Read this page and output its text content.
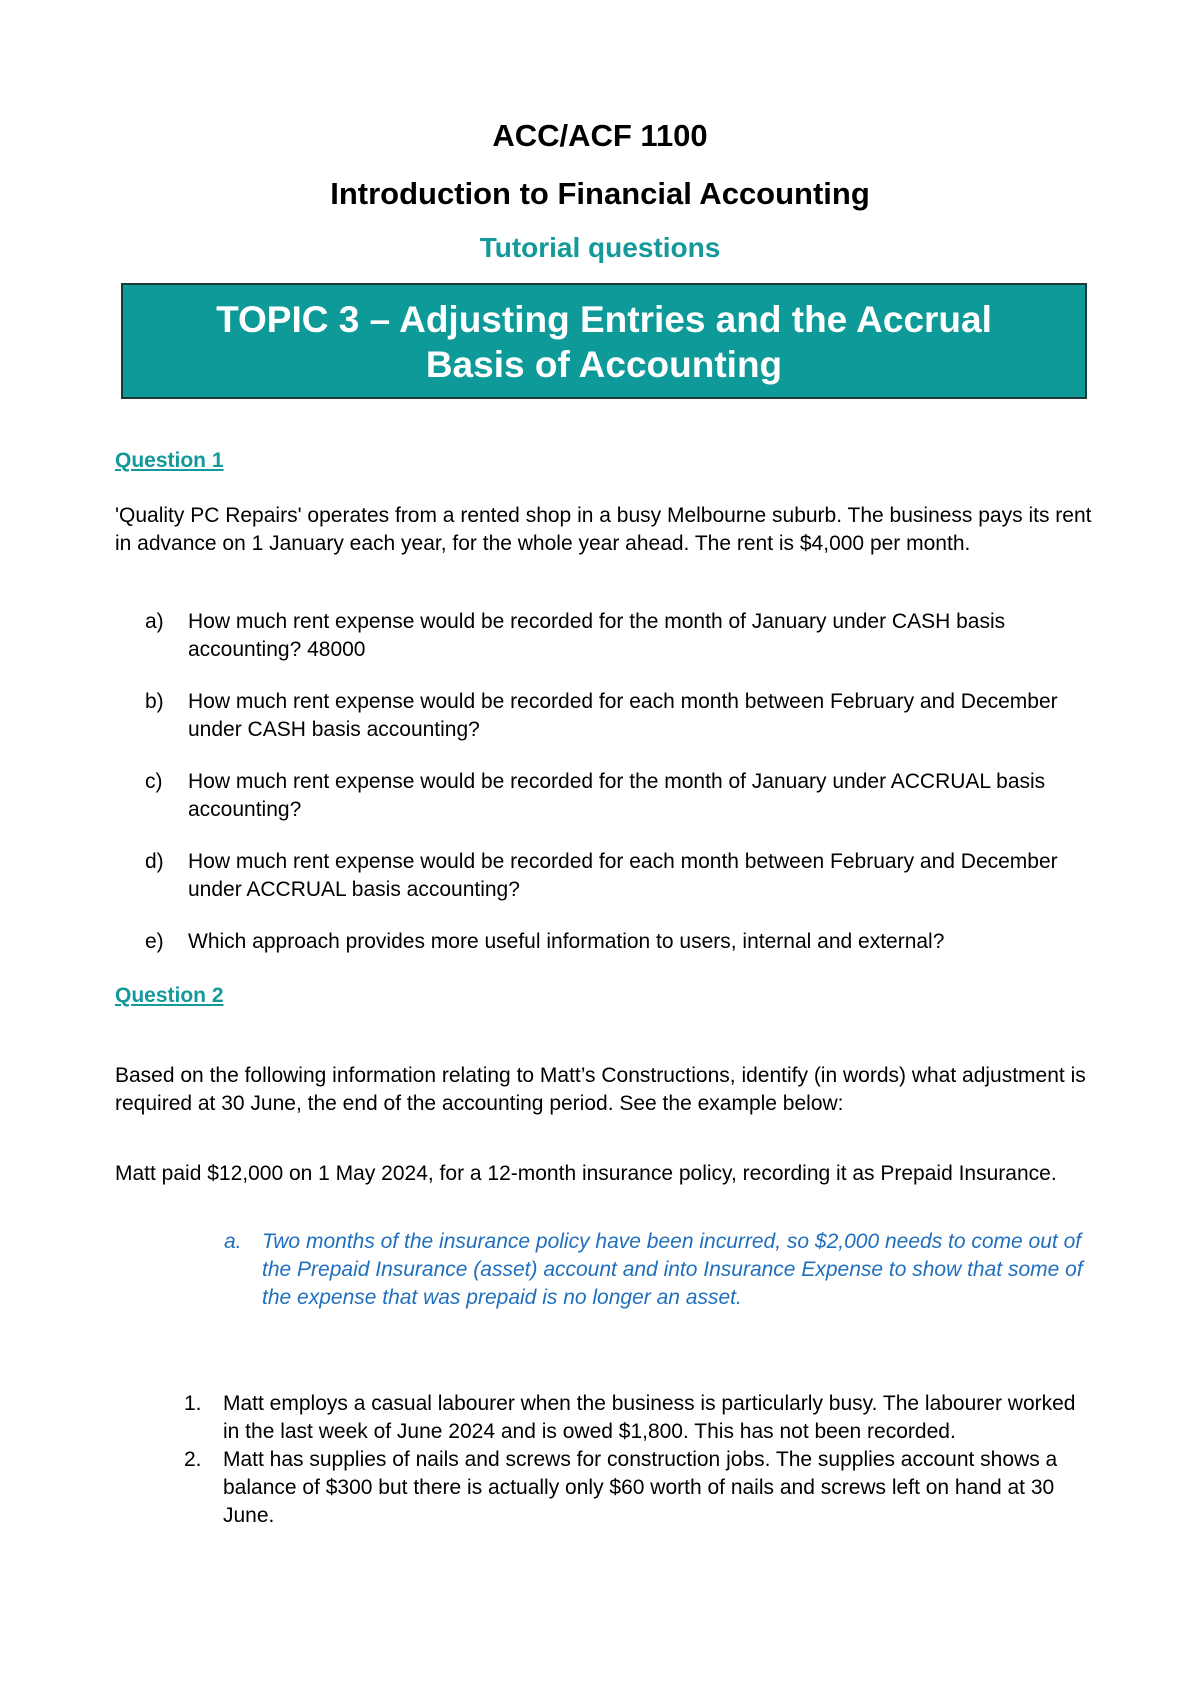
ACC/ACF 1100
Introduction to Financial Accounting
Tutorial questions
TOPIC 3 – Adjusting Entries and the Accrual
Basis of Accounting
Question 1
'Quality PC Repairs' operates from a rented shop in a busy Melbourne suburb. The business pays its rent in advance on 1 January each year, for the whole year ahead. The rent is $4,000 per month.
a) How much rent expense would be recorded for the month of January under CASH basis accounting? 48000
b) How much rent expense would be recorded for each month between February and December under CASH basis accounting?
c) How much rent expense would be recorded for the month of January under ACCRUAL basis accounting?
d) How much rent expense would be recorded for each month between February and December under ACCRUAL basis accounting?
e) Which approach provides more useful information to users, internal and external?
Question 2
Based on the following information relating to Matt’s Constructions, identify (in words) what adjustment is required at 30 June, the end of the accounting period. See the example below:
Matt paid $12,000 on 1 May 2024, for a 12-month insurance policy, recording it as Prepaid Insurance.
a. Two months of the insurance policy have been incurred, so $2,000 needs to come out of the Prepaid Insurance (asset) account and into Insurance Expense to show that some of the expense that was prepaid is no longer an asset.
1. Matt employs a casual labourer when the business is particularly busy. The labourer worked in the last week of June 2024 and is owed $1,800. This has not been recorded.
2. Matt has supplies of nails and screws for construction jobs. The supplies account shows a balance of $300 but there is actually only $60 worth of nails and screws left on hand at 30 June.
